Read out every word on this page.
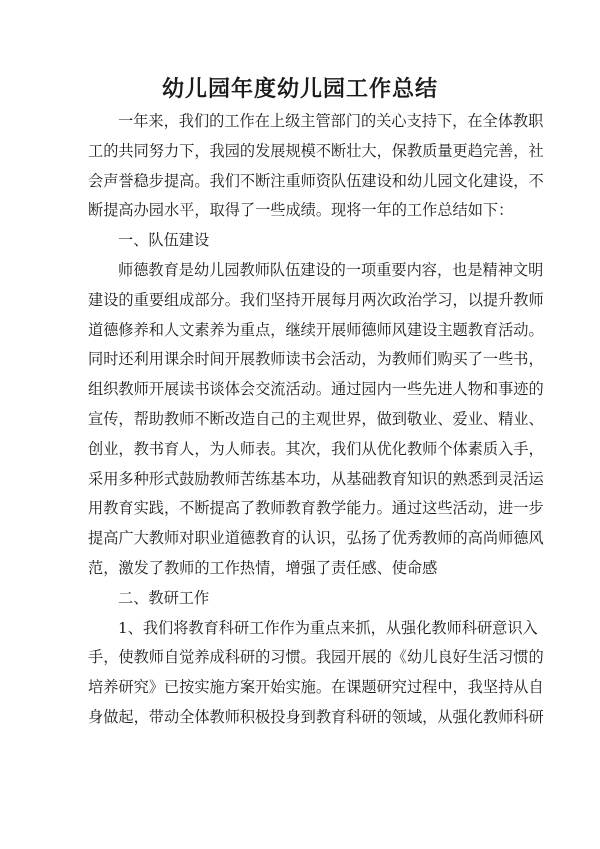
幼儿园年度幼儿园工作总结

一年来，我们的工作在上级主管部门的关心支持下，在全体教职
工的共同努力下，我园的发展规模不断壮大，保教质量更趋完善，社
会声誉稳步提高。我们不断注重师资队伍建设和幼儿园文化建设，不
断提高办园水平，取得了一些成绩。现将一年的工作总结如下：

一、队伍建设

师德教育是幼儿园教师队伍建设的一项重要内容，也是精神文明
建设的重要组成部分。我们坚持开展每月两次政治学习，以提升教师
道德修养和人文素养为重点，继续开展师德师风建设主题教育活动。
同时还利用课余时间开展教师读书会活动，为教师们购买了一些书，
组织教师开展读书谈体会交流活动。通过园内一些先进人物和事迹的
宣传，帮助教师不断改造自己的主观世界，做到敬业、爱业、精业、
创业，教书育人，为人师表。其次，我们从优化教师个体素质入手，
采用多种形式鼓励教师苦练基本功，从基础教育知识的熟悉到灵活运
用教育实践，不断提高了教师教育教学能力。通过这些活动，进一步
提高广大教师对职业道德教育的认识，弘扬了优秀教师的高尚师德风
范，激发了教师的工作热情，增强了责任感、使命感

二、教研工作

1、我们将教育科研工作作为重点来抓，从强化教师科研意识入
手，使教师自觉养成科研的习惯。我园开展的《幼儿良好生活习惯的
培养研究》已按实施方案开始实施。在课题研究过程中，我坚持从自
身做起，带动全体教师积极投身到教育科研的领域，从强化教师科研
